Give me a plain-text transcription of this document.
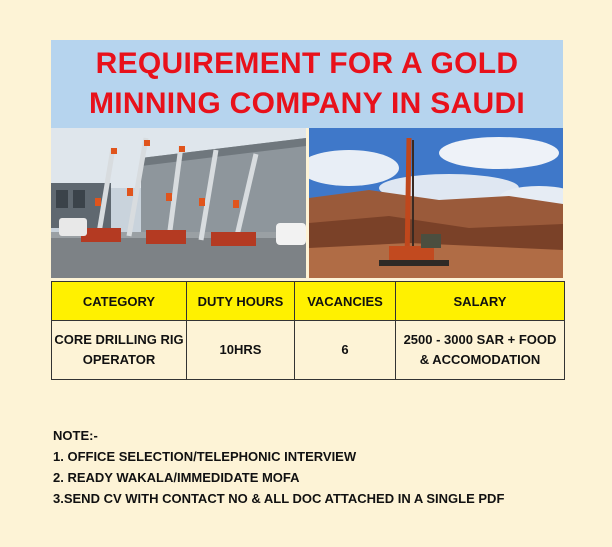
REQUIREMENT FOR A GOLD
MINNING COMPANY IN SAUDI
CATEGORY	DUTY HOURS	VACANCIES	SALARY
CORE DRILLING RIG OPERATOR	10HRS	6	2500 - 3000 SAR + FOOD & ACCOMODATION
NOTE:-
1. OFFICE SELECTION/TELEPHONIC INTERVIEW
2. READY WAKALA/IMMEDIDATE MOFA
3.SEND CV WITH CONTACT NO & ALL DOC ATTACHED IN A SINGLE PDF
